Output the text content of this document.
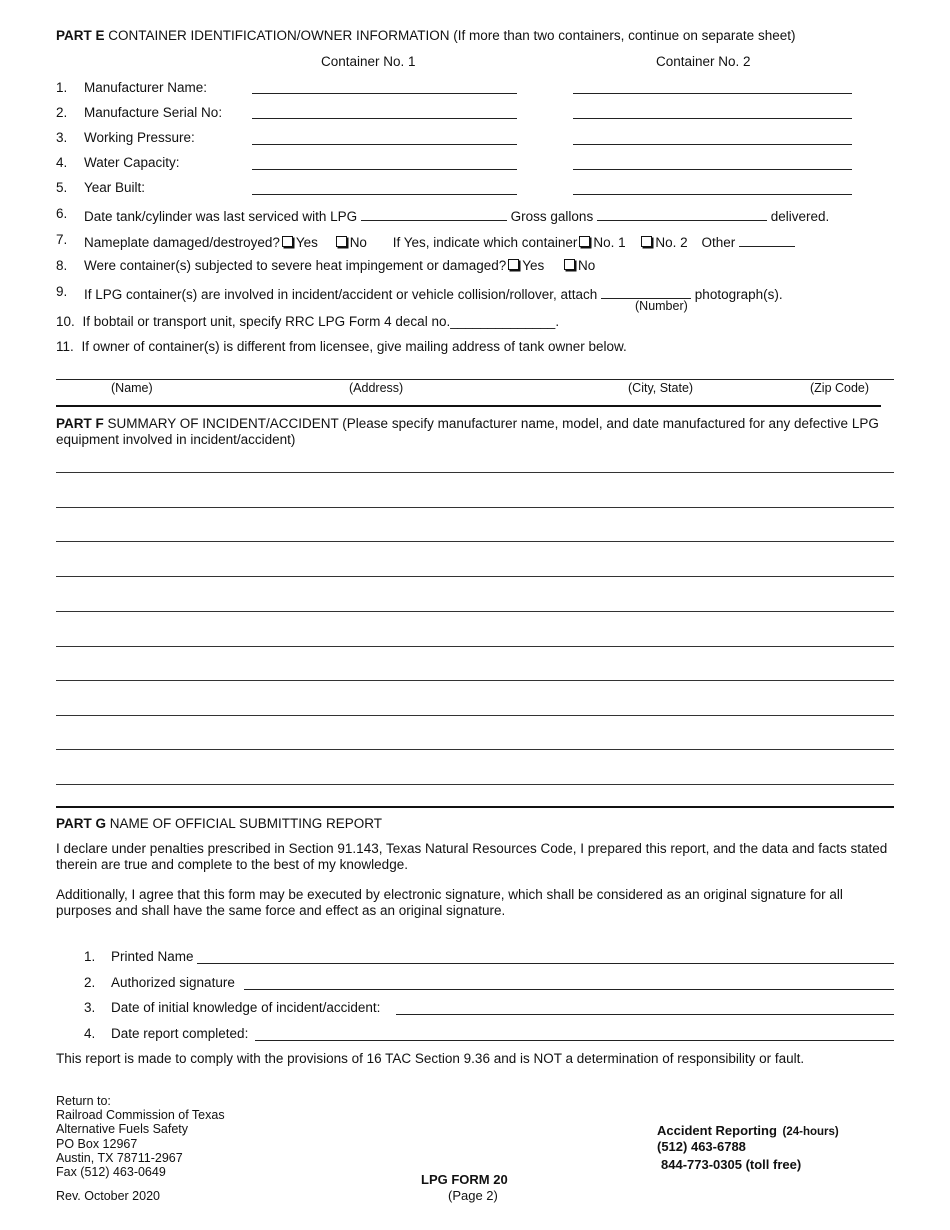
PART E CONTAINER IDENTIFICATION/OWNER INFORMATION (If more than two containers, continue on separate sheet)
Container No. 1	Container No. 2
1. Manufacturer Name:
2. Manufacture Serial No:
3. Working Pressure:
4. Water Capacity:
5. Year Built:
6. Date tank/cylinder was last serviced with LPG	Gross gallons	delivered.
7. Nameplate damaged/destroyed? Yes No If Yes, indicate which container No. 1 No. 2 Other
8. Were container(s) subjected to severe heat impingement or damaged? Yes	No
9. If LPG container(s) are involved in incident/accident or vehicle collision/rollover, attach	photograph(s).
(Number)
10. If bobtail or transport unit, specify RRC LPG Form 4 decal no.______________.
11. If owner of container(s) is different from licensee, give mailing address of tank owner below.
(Name)	(Address)	(City, State)	(Zip Code)
PART F SUMMARY OF INCIDENT/ACCIDENT (Please specify manufacturer name, model, and date manufactured for any defective LPG equipment involved in incident/accident)
PART G NAME OF OFFICIAL SUBMITTING REPORT
I declare under penalties prescribed in Section 91.143, Texas Natural Resources Code, I prepared this report, and the data and facts stated therein are true and complete to the best of my knowledge.
Additionally, I agree that this form may be executed by electronic signature, which shall be considered as an original signature for all purposes and shall have the same force and effect as an original signature.
1. Printed Name
2. Authorized signature
3. Date of initial knowledge of incident/accident:
4. Date report completed:
This report is made to comply with the provisions of 16 TAC Section 9.36 and is NOT a determination of responsibility or fault.
Return to:
Railroad Commission of Texas
Alternative Fuels Safety
PO Box 12967
Austin, TX 78711-2967
Fax (512) 463-0649
Rev. October 2020
LPG FORM 20
(Page 2)
Accident Reporting (24-hours)
(512) 463-6788
844-773-0305 (toll free)
